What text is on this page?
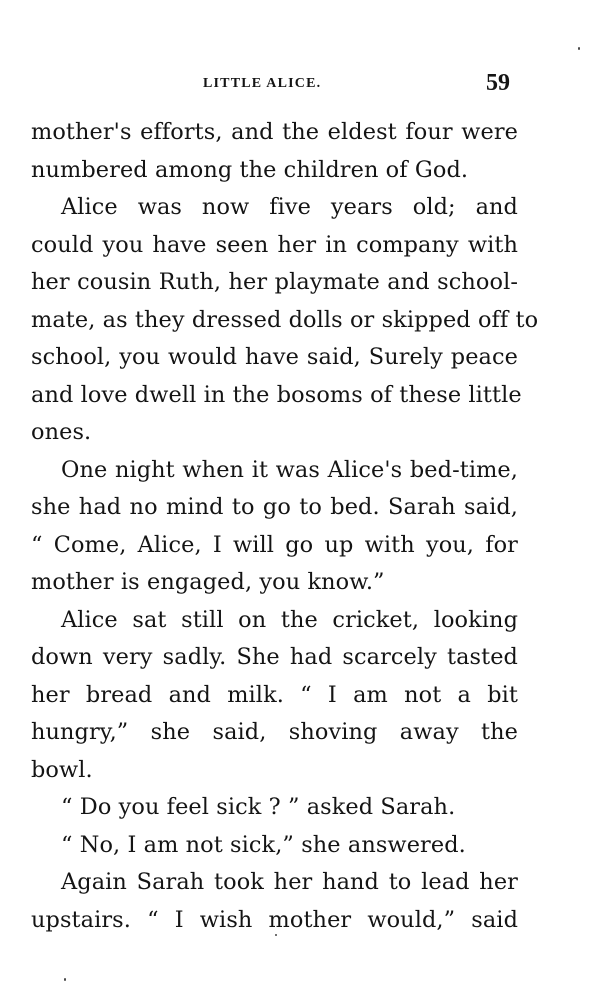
LITTLE ALICE.	59
mother's efforts, and the eldest four were
numbered among the children of God.
Alice was now five years old; and
could you have seen her in company with
her cousin Ruth, her playmate and school-
mate, as they dressed dolls or skipped off to
school, you would have said, Surely peace
and love dwell in the bosoms of these little
ones.
One night when it was Alice's bed-time,
she had no mind to go to bed. Sarah said,
“ Come, Alice, I will go up with you, for
mother is engaged, you know.”
Alice sat still on the cricket, looking
down very sadly. She had scarcely tasted
her bread and milk. “ I am not a bit
hungry,” she said, shoving away the
bowl.
“ Do you feel sick ? ” asked Sarah.
“ No, I am not sick,” she answered.
Again Sarah took her hand to lead her
upstairs. “ I wish mother would,” said
